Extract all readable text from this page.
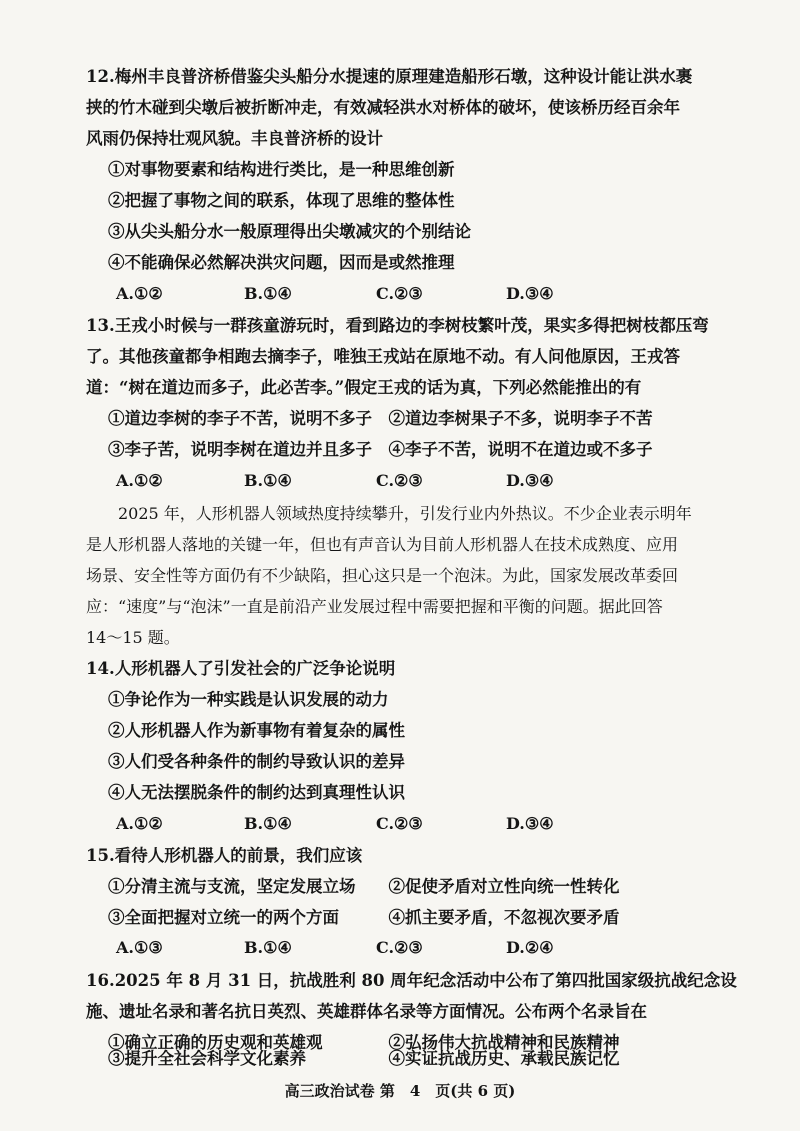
12.梅州丰良普济桥借鉴尖头船分水提速的原理建造船形石墩，这种设计能让洪水裹
挟的竹木碰到尖墩后被折断冲走，有效减轻洪水对桥体的破坏，使该桥历经百余年
风雨仍保持壮观风貌。丰良普济桥的设计
①对事物要素和结构进行类比，是一种思维创新
②把握了事物之间的联系，体现了思维的整体性
③从尖头船分水一般原理得出尖墩减灾的个别结论
④不能确保必然解决洪灾问题，因而是或然推理
A.①②	B.①④	C.②③	D.③④
13.王戎小时候与一群孩童游玩时，看到路边的李树枝繁叶茂，果实多得把树枝都压弯
了。其他孩童都争相跑去摘李子，唯独王戎站在原地不动。有人问他原因，王戎答
道：“树在道边而多子，此必苦李。”假定王戎的话为真，下列必然能推出的有
①道边李树的李子不苦，说明不多子　②道边李树果子不多，说明李子不苦
③李子苦，说明李树在道边并且多子　④李子不苦，说明不在道边或不多子
A.①②	B.①④	C.②③	D.③④
　　2025 年，人形机器人领域热度持续攀升，引发行业内外热议。不少企业表示明年
是人形机器人落地的关键一年，但也有声音认为目前人形机器人在技术成熟度、应用
场景、安全性等方面仍有不少缺陷，担心这只是一个泡沫。为此，国家发展改革委回
应：“速度”与“泡沫”一直是前沿产业发展过程中需要把握和平衡的问题。据此回答
14～15 题。
14.人形机器人了引发社会的广泛争论说明
①争论作为一种实践是认识发展的动力
②人形机器人作为新事物有着复杂的属性
③人们受各种条件的制约导致认识的差异
④人无法摆脱条件的制约达到真理性认识
A.①②	B.①④	C.②③	D.③④
15.看待人形机器人的前景，我们应该
①分清主流与支流，坚定发展立场　　②促使矛盾对立性向统一性转化
③全面把握对立统一的两个方面　　　④抓主要矛盾，不忽视次要矛盾
A.①③	B.①④	C.②③	D.②④
16.2025 年 8 月 31 日，抗战胜利 80 周年纪念活动中公布了第四批国家级抗战纪念设
施、遗址名录和著名抗日英烈、英雄群体名录等方面情况。公布两个名录旨在
①确立正确的历史观和英雄观　　　　②弘扬伟大抗战精神和民族精神
③提升全社会科学文化素养　　　　　④实证抗战历史、承载民族记忆
高三政治试卷 第　4　页(共 6 页)
